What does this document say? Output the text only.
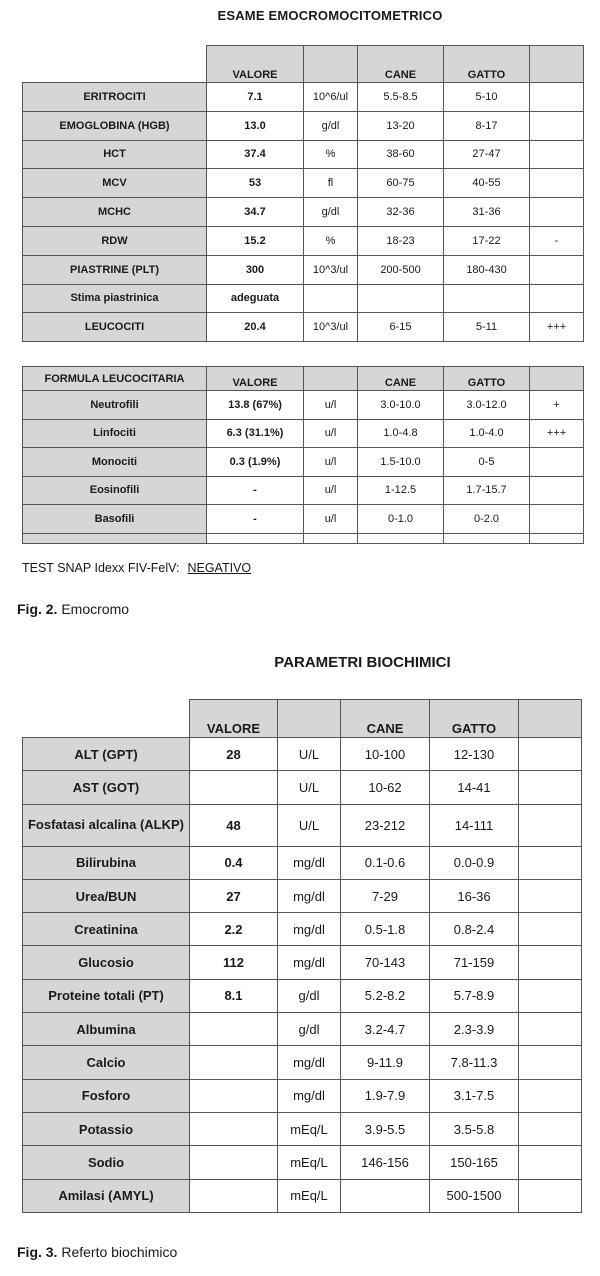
ESAME EMOCROMOCITOMETRICO
	VALORE		CANE	GATTO	
ERITROCITI	7.1	10^6/ul	5.5-8.5	5-10	
EMOGLOBINA (HGB)	13.0	g/dl	13-20	8-17	
HCT	37.4	%	38-60	27-47	
MCV	53	fl	60-75	40-55	
MCHC	34.7	g/dl	32-36	31-36	
RDW	15.2	%	18-23	17-22	-
PIASTRINE (PLT)	300	10^3/ul	200-500	180-430	
Stima piastrinica	adeguata				
LEUCOCITI	20.4	10^3/ul	6-15	5-11	+++
FORMULA LEUCOCITARIA	VALORE		CANE	GATTO	
Neutrofili	13.8 (67%)	u/l	3.0-10.0	3.0-12.0	+
Linfociti	6.3 (31.1%)	u/l	1.0-4.8	1.0-4.0	+++
Monociti	0.3 (1.9%)	u/l	1.5-10.0	0-5	
Eosinofili	-	u/l	1-12.5	1.7-15.7	
Basofili	-	u/l	0-1.0	0-2.0	

TEST SNAP Idexx FIV-FelV: NEGATIVO
Fig. 2. Emocromo
PARAMETRI BIOCHIMICI
	VALORE		CANE	GATTO	
ALT (GPT)	28	U/L	10-100	12-130	
AST (GOT)		U/L	10-62	14-41	
Fosfatasi alcalina (ALKP)	48	U/L	23-212	14-111	
Bilirubina	0.4	mg/dl	0.1-0.6	0.0-0.9	
Urea/BUN	27	mg/dl	7-29	16-36	
Creatinina	2.2	mg/dl	0.5-1.8	0.8-2.4	
Glucosio	112	mg/dl	70-143	71-159	
Proteine totali (PT)	8.1	g/dl	5.2-8.2	5.7-8.9	
Albumina		g/dl	3.2-4.7	2.3-3.9	
Calcio		mg/dl	9-11.9	7.8-11.3	
Fosforo		mg/dl	1.9-7.9	3.1-7.5	
Potassio		mEq/L	3.9-5.5	3.5-5.8	
Sodio		mEq/L	146-156	150-165	
Amilasi (AMYL)		mEq/L		500-1500	
Fig. 3. Referto biochimico
